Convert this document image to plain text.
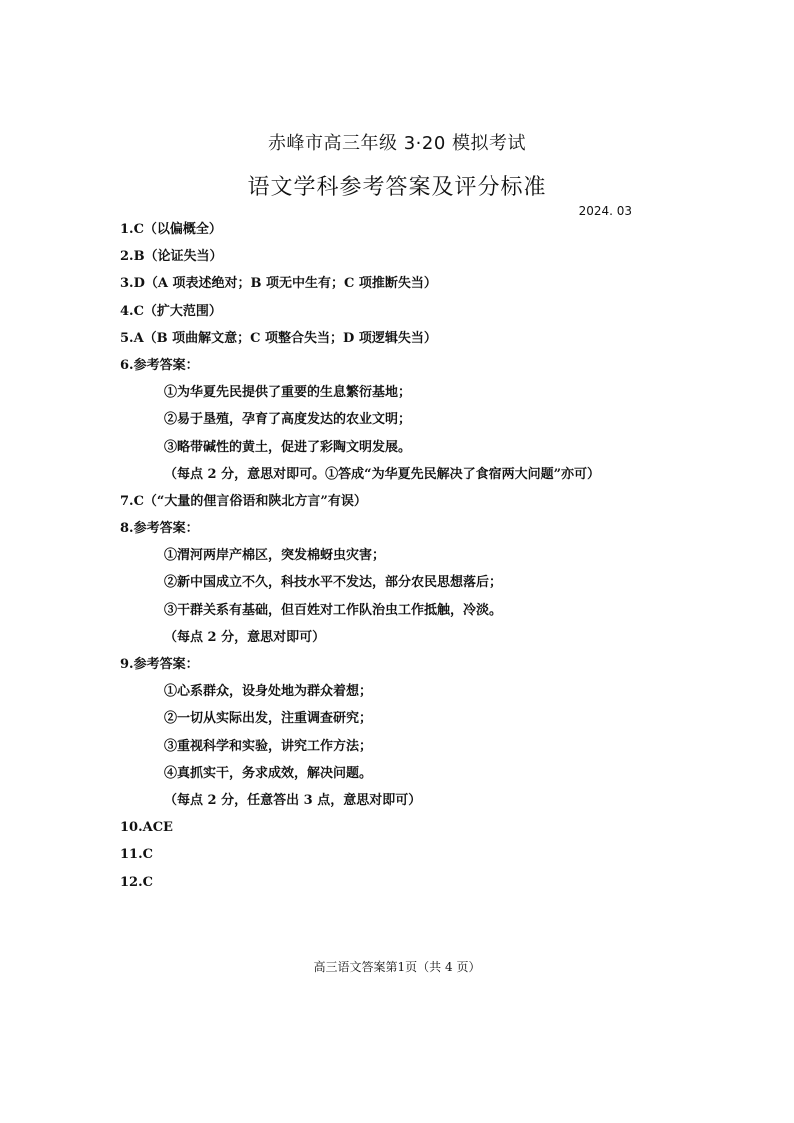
赤峰市高三年级 3·20 模拟考试
语文学科参考答案及评分标准
2024. 03
1.C（以偏概全）
2.B（论证失当）
3.D（A 项表述绝对；B 项无中生有；C 项推断失当）
4.C（扩大范围）
5.A（B 项曲解文意；C 项整合失当；D 项逻辑失当）
6.参考答案：
①为华夏先民提供了重要的生息繁衍基地；
②易于垦殖，孕育了高度发达的农业文明；
③略带碱性的黄土，促进了彩陶文明发展。
（每点 2 分，意思对即可。①答成“为华夏先民解决了食宿两大问题”亦可）
7.C（“大量的俚言俗语和陕北方言”有误）
8.参考答案：
①渭河两岸产棉区，突发棉蚜虫灾害；
②新中国成立不久，科技水平不发达，部分农民思想落后；
③干群关系有基础，但百姓对工作队治虫工作抵触，冷淡。
（每点 2 分，意思对即可）
9.参考答案：
①心系群众，设身处地为群众着想；
②一切从实际出发，注重调查研究；
③重视科学和实验，讲究工作方法；
④真抓实干，务求成效，解决问题。
（每点 2 分，任意答出 3 点，意思对即可）
10.ACE
11.C
12.C
高三语文答案第1页（共 4 页）
